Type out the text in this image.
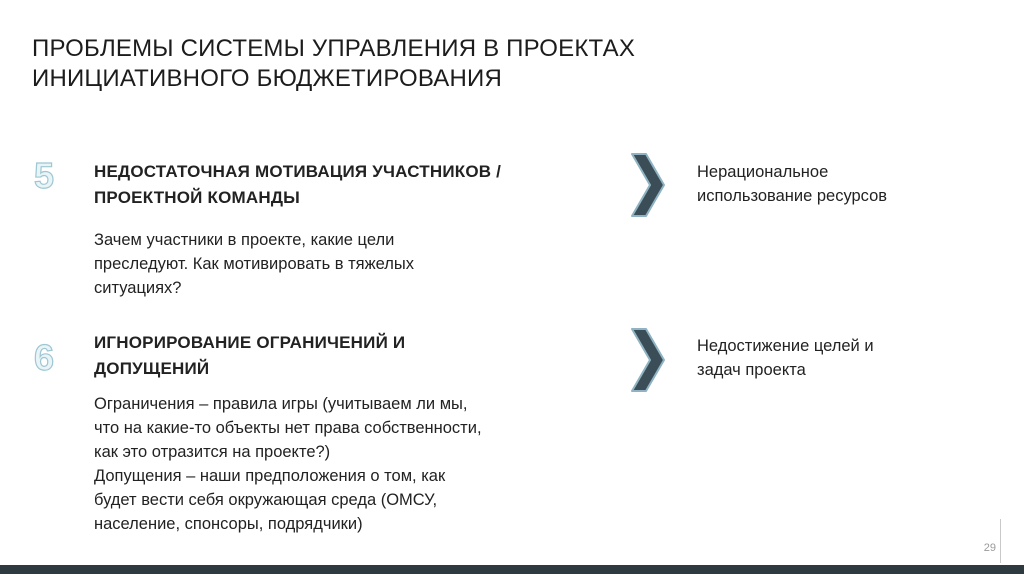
ПРОБЛЕМЫ СИСТЕМЫ УПРАВЛЕНИЯ В ПРОЕКТАХ
ИНИЦИАТИВНОГО БЮДЖЕТИРОВАНИЯ
5	НЕДОСТАТОЧНАЯ МОТИВАЦИЯ УЧАСТНИКОВ /
ПРОЕКТНОЙ КОМАНДЫ
Зачем участники в проекте, какие цели
преследуют. Как мотивировать в тяжелых
ситуациях?
Нерациональное
использование ресурсов
6	ИГНОРИРОВАНИЕ ОГРАНИЧЕНИЙ И
ДОПУЩЕНИЙ
Ограничения – правила игры (учитываем ли мы,
что на какие-то объекты нет права собственности,
как это отразится на проекте?)
Допущения – наши предположения о том, как
будет вести себя окружающая среда (ОМСУ,
население, спонсоры, подрядчики)
Недостижение целей и
задач проекта
29
